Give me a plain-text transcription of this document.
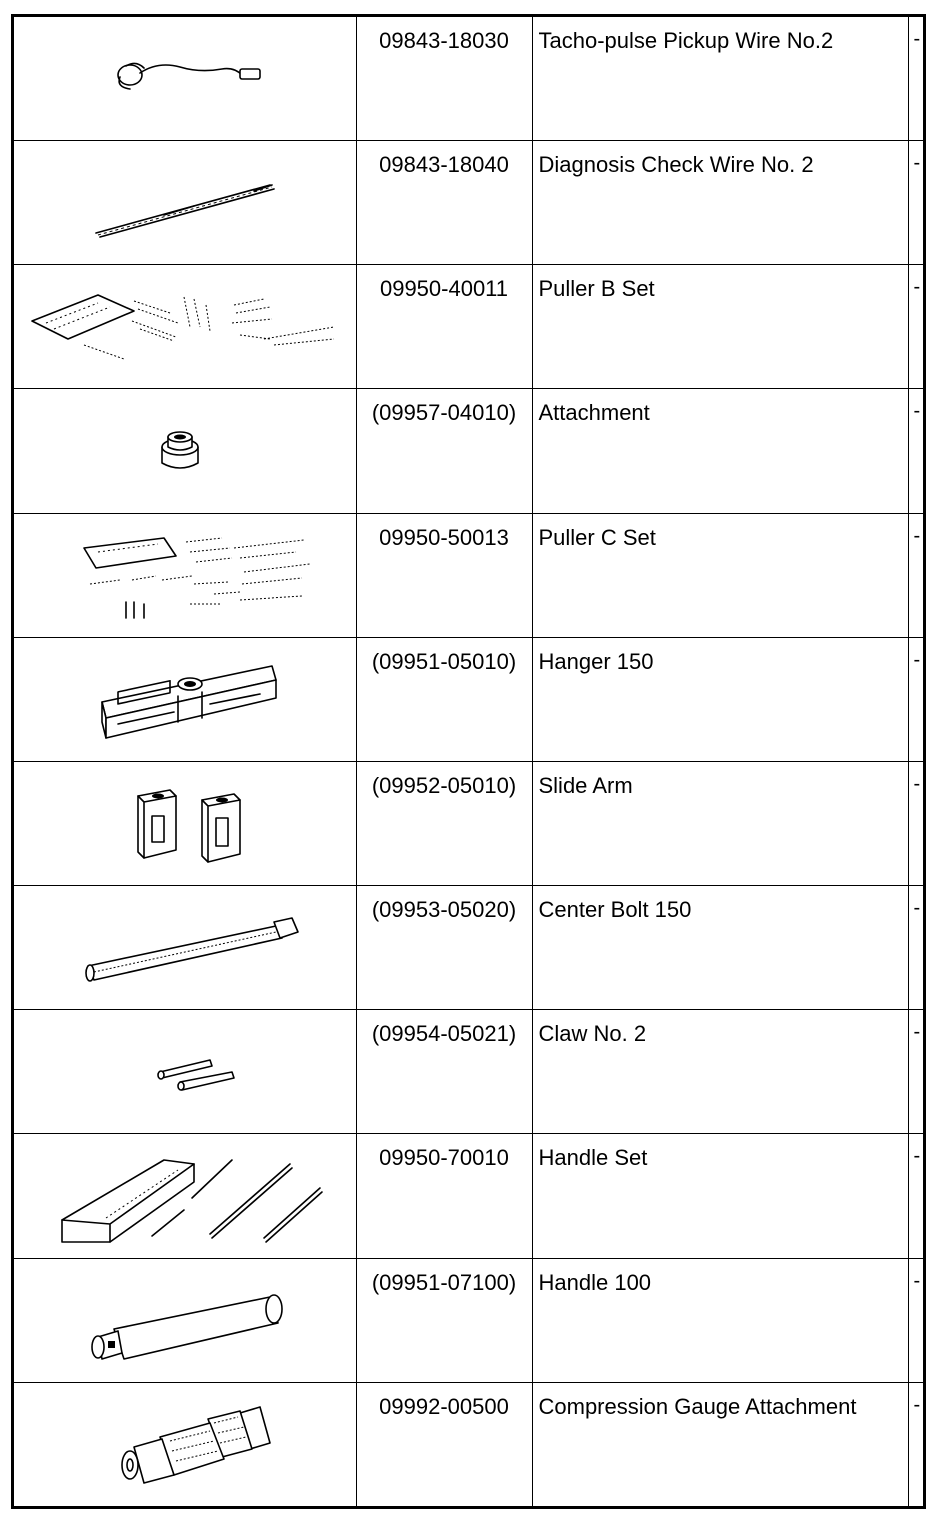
09843-18030	Tacho-pulse Pickup Wire No.2	-

09843-18040	Diagnosis Check Wire No. 2	-

09950-40011	Puller B Set	-

(09957-04010)	Attachment	-

09950-50013	Puller C Set	-

(09951-05010)	Hanger 150	-

(09952-05010)	Slide Arm	-

(09953-05020)	Center Bolt 150	-

(09954-05021)	Claw No. 2	-

09950-70010	Handle Set	-

(09951-07100)	Handle 100	-

09992-00500	Compression Gauge Attachment	-
